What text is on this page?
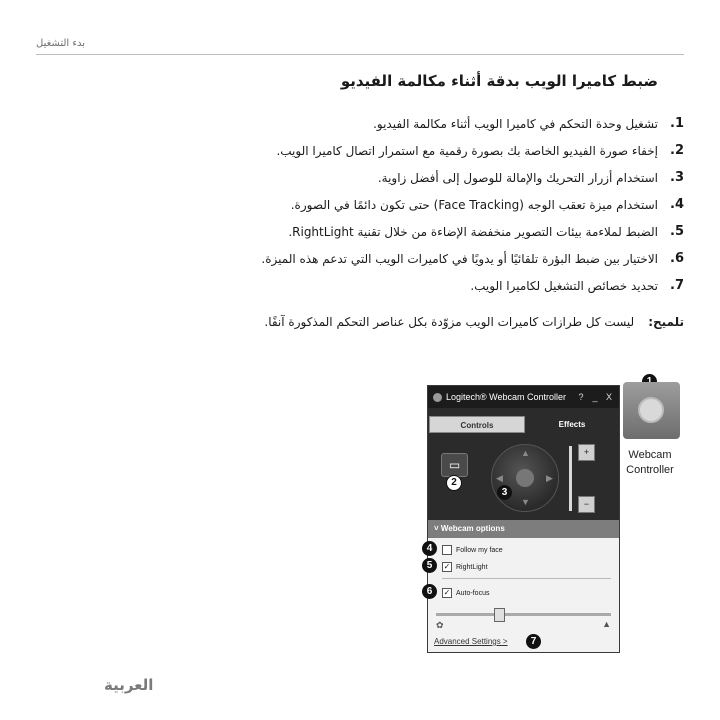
بدء التشغيل
ضبط كاميرا الويب بدقة أثناء مكالمة الفيديو
1.
تشغيل وحدة التحكم في كاميرا الويب أثناء مكالمة الفيديو.
2.
إخفاء صورة الفيديو الخاصة بك بصورة رقمية مع استمرار اتصال كاميرا الويب.
3.
استخدام أزرار التحريك والإمالة للوصول إلى أفضل زاوية.
4.
استخدام ميزة تعقب الوجه (Face Tracking) حتى تكون دائمًا في الصورة.
5.
الضبط لملاءمة بيئات التصوير منخفضة الإضاءة من خلال تقنية RightLight.
6.
الاختيار بين ضبط البؤرة تلقائيًا أو يدويًا في كاميرات الويب التي تدعم هذه الميزة.
7.
تحديد خصائص التشغيل لكاميرا الويب.
تلميح:
ليست كل طرازات كاميرات الويب مزوّدة بكل عناصر التحكم المذكورة آنفًا.
Logitech® Webcam Controller	? _ X
Controls	Effects
▭
▲
▼
◀	▶
+
−
˅ Webcam options
Follow my face
✓ RightLight
✓ Auto-focus
✿	▲
Advanced Settings >
2
3
4
5
6
7
Webcam Controller
العربية
